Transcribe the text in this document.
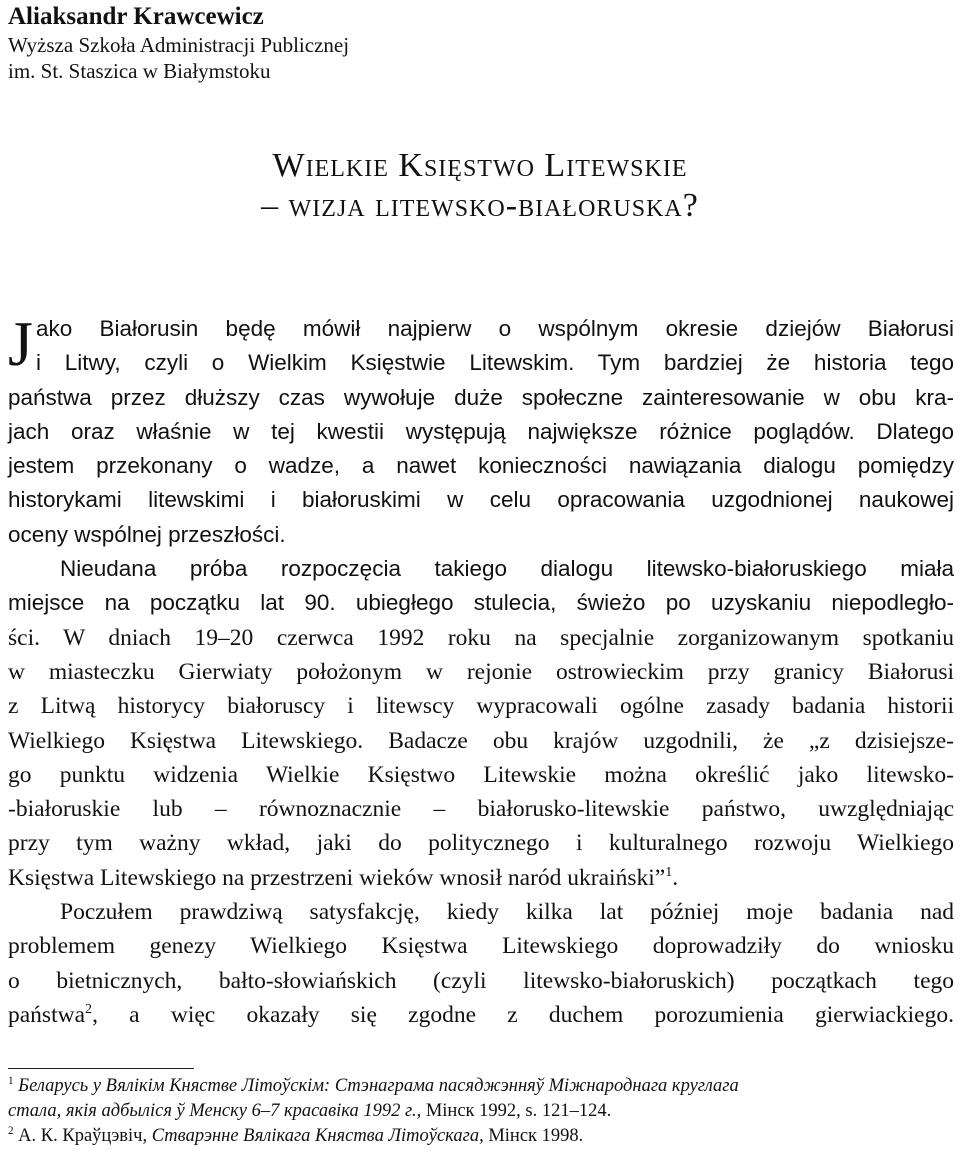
Aliaksandr Krawcewicz
Wyższa Szkoła Administracji Publicznej
im. St. Staszica w Białymstoku
Wielkie Księstwo Litewskie
– wizja litewsko-białoruska?
J ako Białorusin będę mówił najpierw o wspólnym okresie dziejów Białorusi
i Litwy, czyli o Wielkim Księstwie Litewskim. Tym bardziej że historia tego
państwa przez dłuższy czas wywołuje duże społeczne zainteresowanie w obu kra-
jach oraz właśnie w tej kwestii występują największe różnice poglądów. Dlatego
jestem przekonany o wadze, a nawet konieczności nawiązania dialogu pomiędzy
historykami litewskimi i białoruskimi w celu opracowania uzgodnionej naukowej
oceny wspólnej przeszłości.
Nieudana próba rozpoczęcia takiego dialogu litewsko-białoruskiego miała
miejsce na początku lat 90. ubiegłego stulecia, świeżo po uzyskaniu niepodległo-
ści. W dniach 19–20 czerwca 1992 roku na specjalnie zorganizowanym spotkaniu
w miasteczku Gierwiaty położonym w rejonie ostrowieckim przy granicy Białorusi
z Litwą historycy białoruscy i litewscy wypracowali ogólne zasady badania historii
Wielkiego Księstwa Litewskiego. Badacze obu krajów uzgodnili, że „z dzisiejsze-
go punktu widzenia Wielkie Księstwo Litewskie można określić jako litewsko-
-białoruskie lub – równoznacznie – białorusko-litewskie państwo, uwzględniając
przy tym ważny wkład, jaki do politycznego i kulturalnego rozwoju Wielkiego
Księstwa Litewskiego na przestrzeni wieków wnosił naród ukraiński”$^1$.
Poczułem prawdziwą satysfakcję, kiedy kilka lat później moje badania nad
problemem genezy Wielkiego Księstwa Litewskiego doprowadziły do wniosku
o bietnicznych, bałto-słowiańskich (czyli litewsko-białoruskich) początkach tego
państwa$^2$, a więc okazały się zgodne z duchem porozumienia gierwiackiego.
$^1$ Беларусь у Вялікім Княстве Літоўскім: Стэнаграма пасяджэнняў Міжнароднага круглага
стала, якія адбыліся ў Менску 6–7 красавіка 1992 г., Мінск 1992, s. 121–124.
$^2$ А. К. Краўцэвіч, Стварэнне Вялікага Княства Літоўскага, Мінск 1998.
